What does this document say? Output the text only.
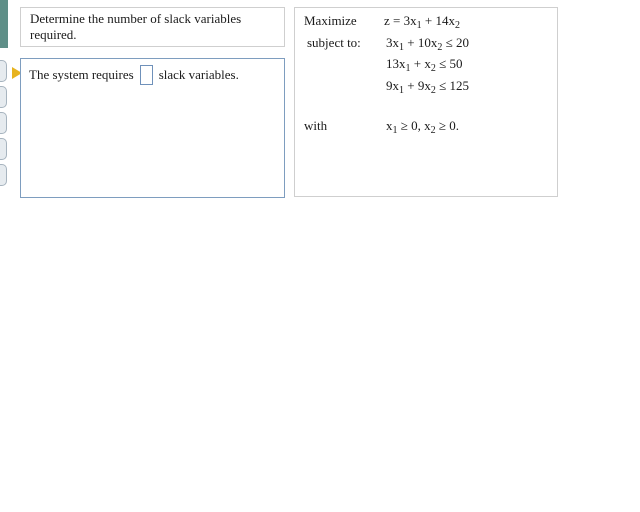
Determine the number of slack variables required.
The system requires slack variables.
Maximize $z = 3x_1 + 14x_2$
subject to: $3x_1 + 10x_2 \le 20$
$13x_1 + x_2 \le 50$
$9x_1 + 9x_2 \le 125$
with	$x_1 \ge 0$, $x_2 \ge 0$.
